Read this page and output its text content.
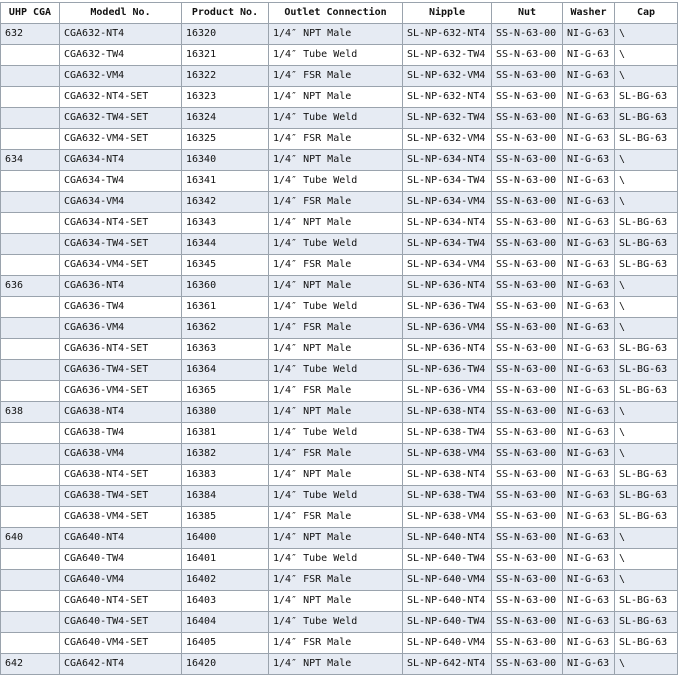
UHP CGA	Modedl No.	Product No.	Outlet Connection	Nipple	Nut	Washer	Cap
632	CGA632-NT4	16320	1/4″ NPT Male	SL-NP-632-NT4	SS-N-63-00	NI-G-63	\
	CGA632-TW4	16321	1/4″ Tube Weld	SL-NP-632-TW4	SS-N-63-00	NI-G-63	\
	CGA632-VM4	16322	1/4″ FSR Male	SL-NP-632-VM4	SS-N-63-00	NI-G-63	\
	CGA632-NT4-SET	16323	1/4″ NPT Male	SL-NP-632-NT4	SS-N-63-00	NI-G-63	SL-BG-63
	CGA632-TW4-SET	16324	1/4″ Tube Weld	SL-NP-632-TW4	SS-N-63-00	NI-G-63	SL-BG-63
	CGA632-VM4-SET	16325	1/4″ FSR Male	SL-NP-632-VM4	SS-N-63-00	NI-G-63	SL-BG-63
634	CGA634-NT4	16340	1/4″ NPT Male	SL-NP-634-NT4	SS-N-63-00	NI-G-63	\
	CGA634-TW4	16341	1/4″ Tube Weld	SL-NP-634-TW4	SS-N-63-00	NI-G-63	\
	CGA634-VM4	16342	1/4″ FSR Male	SL-NP-634-VM4	SS-N-63-00	NI-G-63	\
	CGA634-NT4-SET	16343	1/4″ NPT Male	SL-NP-634-NT4	SS-N-63-00	NI-G-63	SL-BG-63
	CGA634-TW4-SET	16344	1/4″ Tube Weld	SL-NP-634-TW4	SS-N-63-00	NI-G-63	SL-BG-63
	CGA634-VM4-SET	16345	1/4″ FSR Male	SL-NP-634-VM4	SS-N-63-00	NI-G-63	SL-BG-63
636	CGA636-NT4	16360	1/4″ NPT Male	SL-NP-636-NT4	SS-N-63-00	NI-G-63	\
	CGA636-TW4	16361	1/4″ Tube Weld	SL-NP-636-TW4	SS-N-63-00	NI-G-63	\
	CGA636-VM4	16362	1/4″ FSR Male	SL-NP-636-VM4	SS-N-63-00	NI-G-63	\
	CGA636-NT4-SET	16363	1/4″ NPT Male	SL-NP-636-NT4	SS-N-63-00	NI-G-63	SL-BG-63
	CGA636-TW4-SET	16364	1/4″ Tube Weld	SL-NP-636-TW4	SS-N-63-00	NI-G-63	SL-BG-63
	CGA636-VM4-SET	16365	1/4″ FSR Male	SL-NP-636-VM4	SS-N-63-00	NI-G-63	SL-BG-63
638	CGA638-NT4	16380	1/4″ NPT Male	SL-NP-638-NT4	SS-N-63-00	NI-G-63	\
	CGA638-TW4	16381	1/4″ Tube Weld	SL-NP-638-TW4	SS-N-63-00	NI-G-63	\
	CGA638-VM4	16382	1/4″ FSR Male	SL-NP-638-VM4	SS-N-63-00	NI-G-63	\
	CGA638-NT4-SET	16383	1/4″ NPT Male	SL-NP-638-NT4	SS-N-63-00	NI-G-63	SL-BG-63
	CGA638-TW4-SET	16384	1/4″ Tube Weld	SL-NP-638-TW4	SS-N-63-00	NI-G-63	SL-BG-63
	CGA638-VM4-SET	16385	1/4″ FSR Male	SL-NP-638-VM4	SS-N-63-00	NI-G-63	SL-BG-63
640	CGA640-NT4	16400	1/4″ NPT Male	SL-NP-640-NT4	SS-N-63-00	NI-G-63	\
	CGA640-TW4	16401	1/4″ Tube Weld	SL-NP-640-TW4	SS-N-63-00	NI-G-63	\
	CGA640-VM4	16402	1/4″ FSR Male	SL-NP-640-VM4	SS-N-63-00	NI-G-63	\
	CGA640-NT4-SET	16403	1/4″ NPT Male	SL-NP-640-NT4	SS-N-63-00	NI-G-63	SL-BG-63
	CGA640-TW4-SET	16404	1/4″ Tube Weld	SL-NP-640-TW4	SS-N-63-00	NI-G-63	SL-BG-63
	CGA640-VM4-SET	16405	1/4″ FSR Male	SL-NP-640-VM4	SS-N-63-00	NI-G-63	SL-BG-63
642	CGA642-NT4	16420	1/4″ NPT Male	SL-NP-642-NT4	SS-N-63-00	NI-G-63	\
